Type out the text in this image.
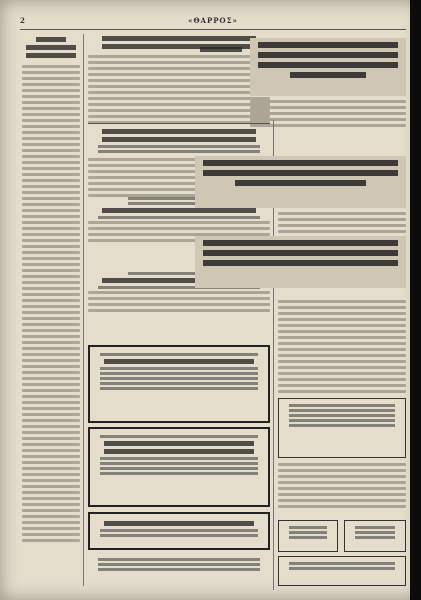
2	«ΘΑΡΡΟΣ»
